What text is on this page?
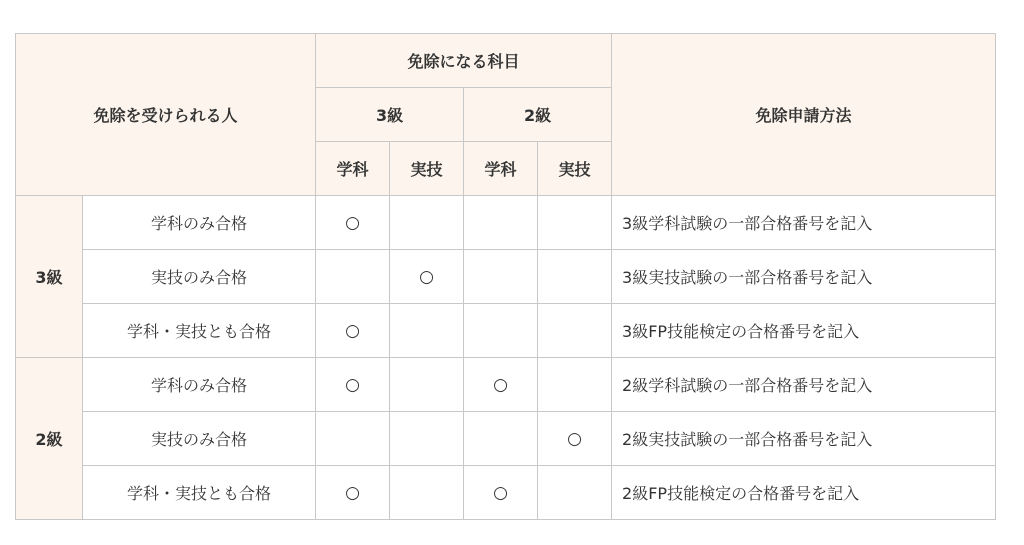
免除を受けられる人		免除になる科目				免除申請方法
		3級		2級		
		学科	実技	学科	実技	
3級	学科のみ合格	○				3級学科試験の一部合格番号を記入
	実技のみ合格		○			3級実技試験の一部合格番号を記入
	学科・実技とも合格	○				3級FP技能検定の合格番号を記入
2級	学科のみ合格	○		○		2級学科試験の一部合格番号を記入
	実技のみ合格				○	2級実技試験の一部合格番号を記入
	学科・実技とも合格	○		○		2級FP技能検定の合格番号を記入
